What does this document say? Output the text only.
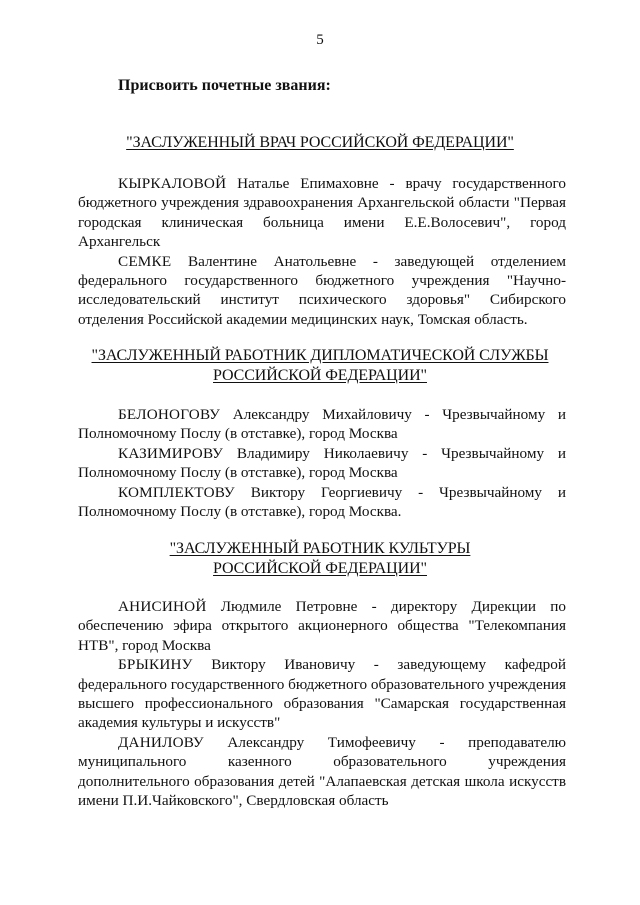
5
Присвоить почетные звания:
"ЗАСЛУЖЕННЫЙ ВРАЧ РОССИЙСКОЙ ФЕДЕРАЦИИ"

КЫРКАЛОВОЙ Наталье Епимаховне - врачу государственного бюджетного учреждения здравоохранения Архангельской области "Первая городская клиническая больница имени Е.Е.Волосевич", город Архангельск

СЕМКЕ Валентине Анатольевне - заведующей отделением федерального государственного бюджетного учреждения "Научно-исследовательский институт психического здоровья" Сибирского отделения Российской академии медицинских наук, Томская область.

"ЗАСЛУЖЕННЫЙ РАБОТНИК ДИПЛОМАТИЧЕСКОЙ СЛУЖБЫ
РОССИЙСКОЙ ФЕДЕРАЦИИ"

БЕЛОНОГОВУ Александру Михайловичу - Чрезвычайному и Полномочному Послу (в отставке), город Москва

КАЗИМИРОВУ Владимиру Николаевичу - Чрезвычайному и Полномочному Послу (в отставке), город Москва

КОМПЛЕКТОВУ Виктору Георгиевичу - Чрезвычайному и Полномочному Послу (в отставке), город Москва.

"ЗАСЛУЖЕННЫЙ РАБОТНИК КУЛЬТУРЫ
РОССИЙСКОЙ ФЕДЕРАЦИИ"

АНИСИНОЙ Людмиле Петровне - директору Дирекции по обеспечению эфира открытого акционерного общества "Телекомпания НТВ", город Москва

БРЫКИНУ Виктору Ивановичу - заведующему кафедрой федерального государственного бюджетного образовательного учреждения высшего профессионального образования "Самарская государственная академия культуры и искусств"

ДАНИЛОВУ Александру Тимофеевичу - преподавателю муниципального казенного образовательного учреждения дополнительного образования детей "Алапаевская детская школа искусств имени П.И.Чайковского", Свердловская область
